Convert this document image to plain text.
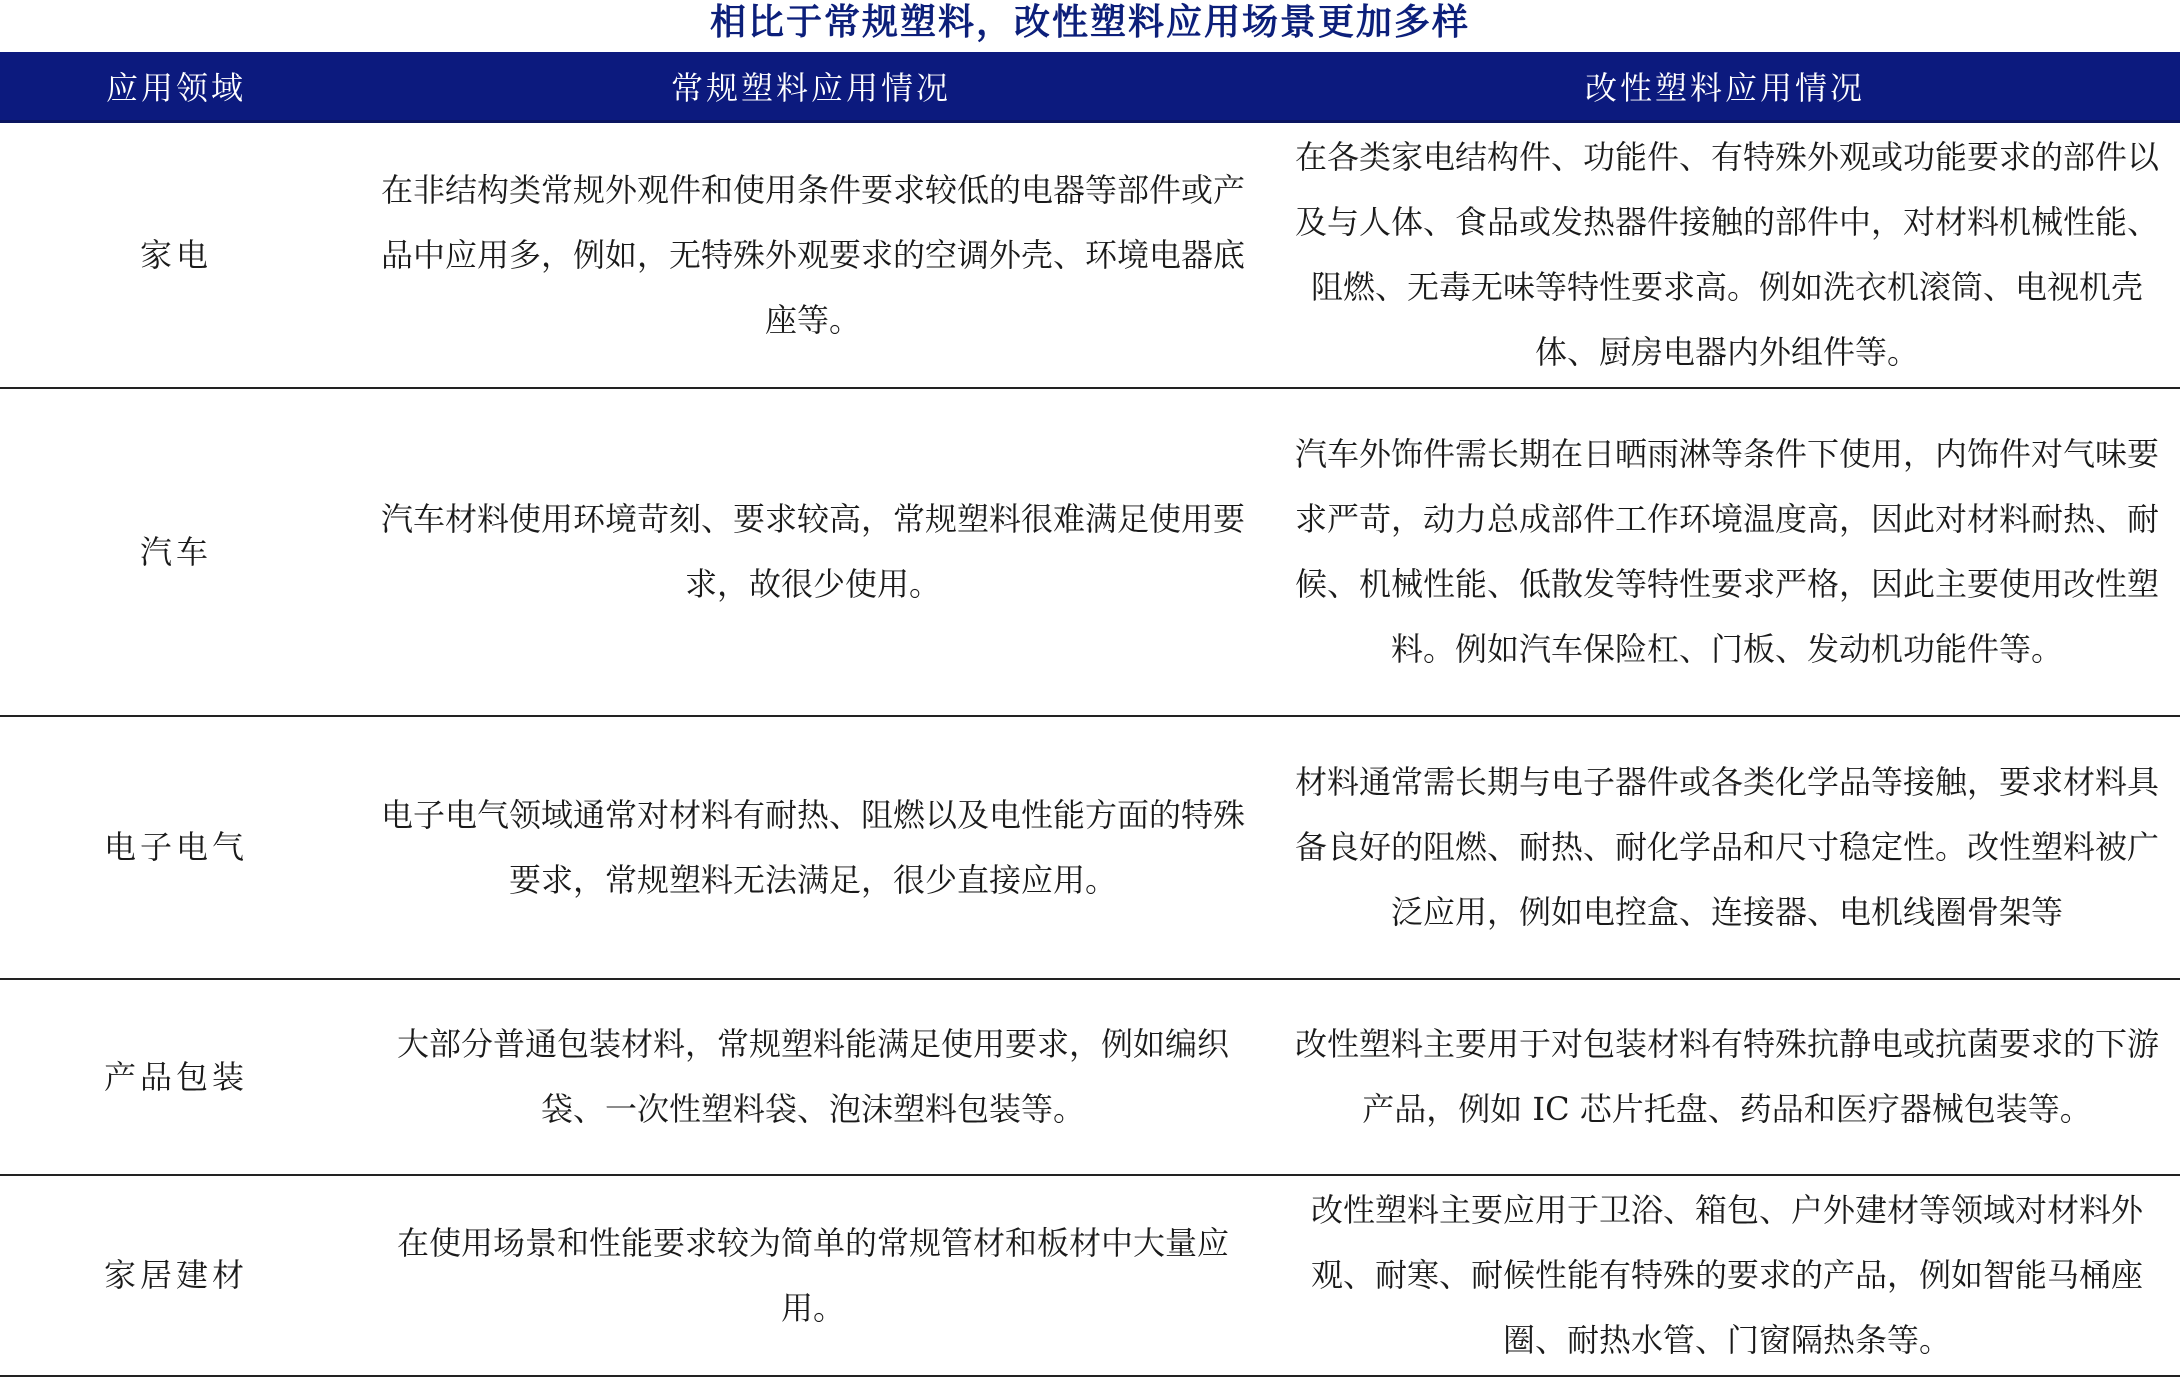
相比于常规塑料，改性塑料应用场景更加多样
应用领域	常规塑料应用情况	改性塑料应用情况
家电	在非结构类常规外观件和使用条件要求较低的电器等部件或产品中应用多，例如，无特殊外观要求的空调外壳、环境电器底座等。	在各类家电结构件、功能件、有特殊外观或功能要求的部件以及与人体、食品或发热器件接触的部件中，对材料机械性能、阻燃、无毒无味等特性要求高。例如洗衣机滚筒、电视机壳体、厨房电器内外组件等。
汽车	汽车材料使用环境苛刻、要求较高，常规塑料很难满足使用要求，故很少使用。	汽车外饰件需长期在日晒雨淋等条件下使用，内饰件对气味要求严苛，动力总成部件工作环境温度高，因此对材料耐热、耐候、机械性能、低散发等特性要求严格，因此主要使用改性塑料。例如汽车保险杠、门板、发动机功能件等。
电子电气	电子电气领域通常对材料有耐热、阻燃以及电性能方面的特殊要求，常规塑料无法满足，很少直接应用。	材料通常需长期与电子器件或各类化学品等接触，要求材料具备良好的阻燃、耐热、耐化学品和尺寸稳定性。改性塑料被广泛应用，例如电控盒、连接器、电机线圈骨架等
产品包装	大部分普通包装材料，常规塑料能满足使用要求，例如编织袋、一次性塑料袋、泡沫塑料包装等。	改性塑料主要用于对包装材料有特殊抗静电或抗菌要求的下游产品，例如 IC 芯片托盘、药品和医疗器械包装等。
家居建材	在使用场景和性能要求较为简单的常规管材和板材中大量应用。	改性塑料主要应用于卫浴、箱包、户外建材等领域对材料外观、耐寒、耐候性能有特殊的要求的产品，例如智能马桶座圈、耐热水管、门窗隔热条等。
